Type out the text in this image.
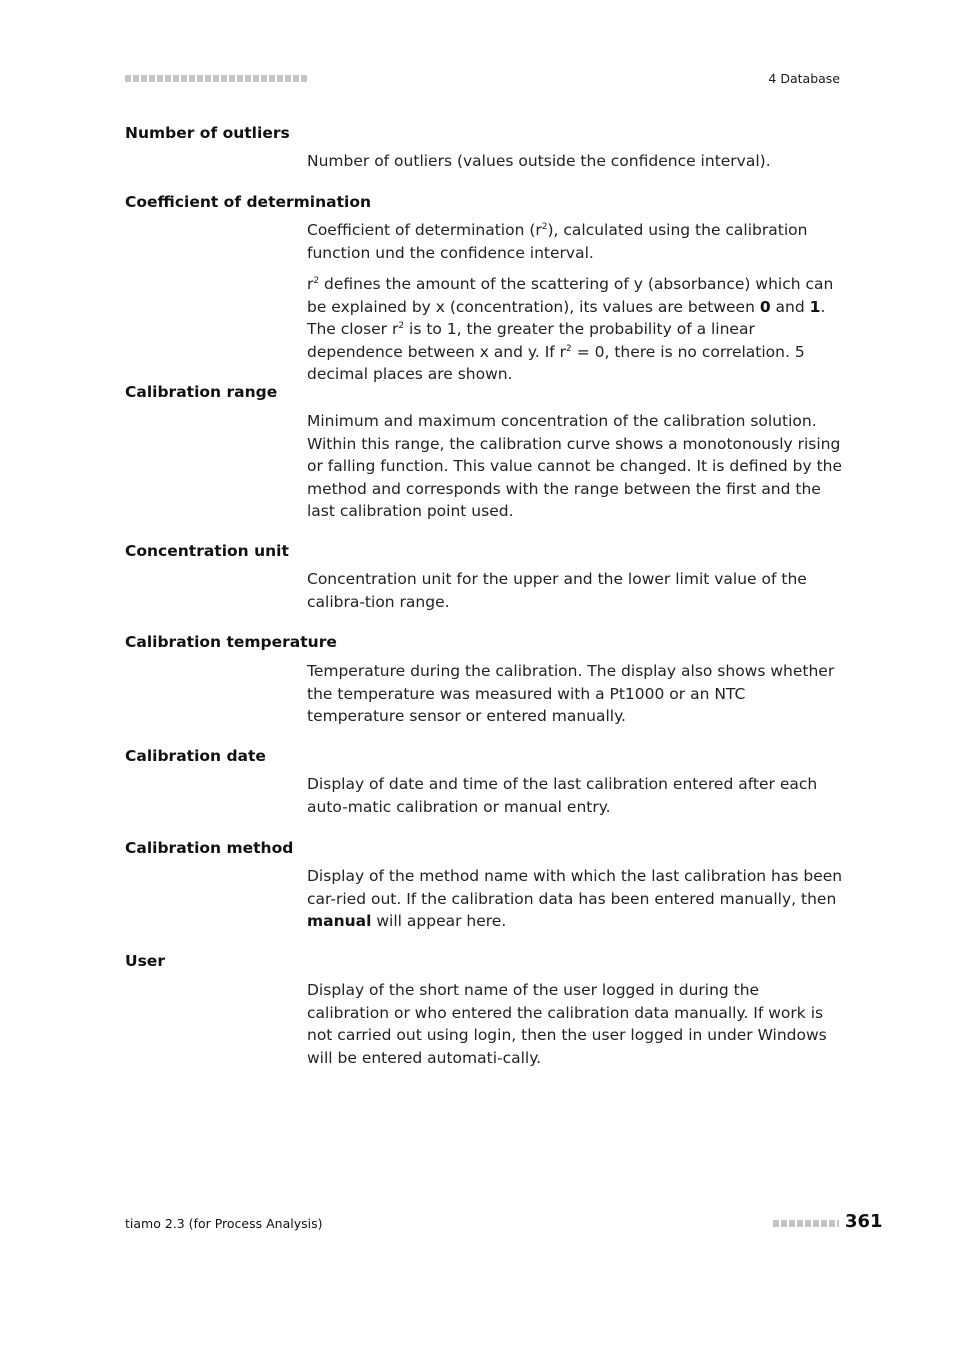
4 Database
Number of outliers

Number of outliers (values outside the confidence interval).

Coefficient of determination

Coefficient of determination $(r^2)$, calculated using the calibration function und the confidence interval.

$r^2$ defines the amount of the scattering of y (absorbance) which can be explained by x (concentration), its values are between 0 and 1. The closer $r^2$ is to 1, the greater the probability of a linear dependence between x and y. If $r^2 = 0$, there is no correlation. 5 decimal places are shown.

Calibration range

Minimum and maximum concentration of the calibration solution. Within this range, the calibration curve shows a monotonously rising or falling function. This value cannot be changed. It is defined by the method and corresponds with the range between the first and the last calibration point used.

Concentration unit

Concentration unit for the upper and the lower limit value of the calibra-tion range.

Calibration temperature

Temperature during the calibration. The display also shows whether the temperature was measured with a Pt1000 or an NTC temperature sensor or entered manually.

Calibration date

Display of date and time of the last calibration entered after each auto-matic calibration or manual entry.

Calibration method

Display of the method name with which the last calibration has been car-ried out. If the calibration data has been entered manually, then manual will appear here.

User

Display of the short name of the user logged in during the calibration or who entered the calibration data manually. If work is not carried out using login, then the user logged in under Windows will be entered automati-cally.

tiamo 2.3 (for Process Analysis)	361
